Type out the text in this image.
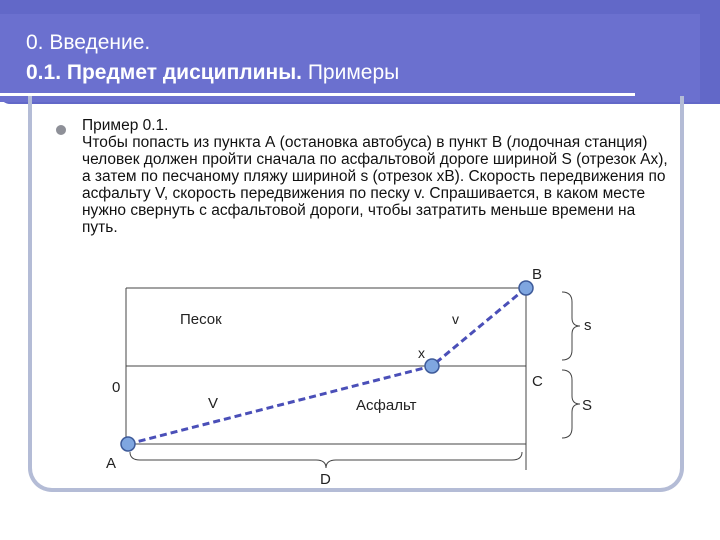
0. Введение.
0.1. Предмет дисциплины. Примеры
Пример 0.1.
Чтобы попасть из пункта А (остановка автобуса) в пункт В (лодочная станция) человек должен пройти сначала по асфальтовой дороге шириной S (отрезок Ах), а затем по песчаному пляжу шириной s (отрезок хВ). Скорость передвижения по асфальту V, скорость передвижения по песку v. Спрашивается, в каком месте нужно свернуть с асфальтовой дороги, чтобы затратить меньше времени на путь.
B
Песок	v	s
x
C
0
V	Асфальт	S
A
D
